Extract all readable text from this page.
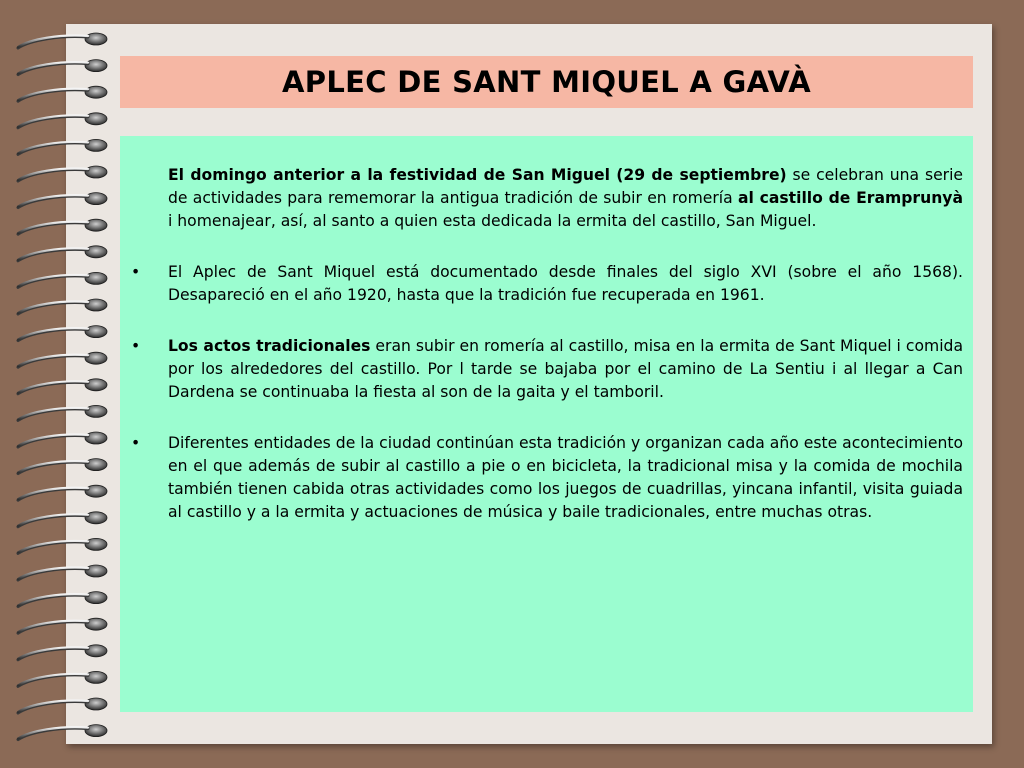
APLEC DE SANT MIQUEL A GAVÀ

El domingo anterior a la festividad de San Miguel (29 de septiembre) se celebran una serie de actividades para rememorar la antigua tradición de subir en romería al castillo de Eramprunyà i homenajear, así, al santo a quien esta dedicada la ermita del castillo, San Miguel.

• El Aplec de Sant Miquel está documentado desde finales del siglo XVI (sobre el año 1568). Desapareció en el año 1920, hasta que la tradición fue recuperada en 1961.

• Los actos tradicionales eran subir en romería al castillo, misa en la ermita de Sant Miquel i comida por los alrededores del castillo. Por l tarde se bajaba por el camino de La Sentiu i al llegar a Can Dardena se continuaba la fiesta al son de la gaita y el tamboril.

• Diferentes entidades de la ciudad continúan esta tradición y organizan cada año este acontecimiento en el que además de subir al castillo a pie o en bicicleta, la tradicional misa y la comida de mochila también tienen cabida otras actividades como los juegos de cuadrillas, yincana infantil, visita guiada al castillo y a la ermita y actuaciones de música y baile tradicionales, entre muchas otras.
